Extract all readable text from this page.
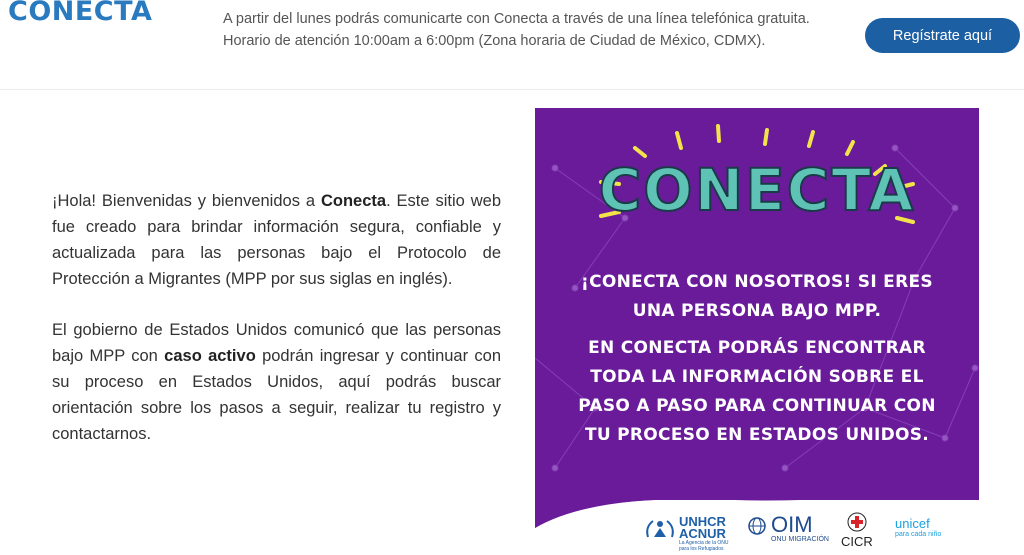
CONECTA	A partir del lunes podrás comunicarte con Conecta a través de una línea telefónica gratuita.
Horario de atención 10:00am a 6:00pm (Zona horaria de Ciudad de México, CDMX).	Regístrate aquí

¡Hola! Bienvenidas y bienvenidos a Conecta. Este sitio web fue creado para brindar información segura, confiable y actualizada para las personas bajo el Protocolo de Protección a Migrantes (MPP por sus siglas en inglés).

El gobierno de Estados Unidos comunicó que las personas bajo MPP con caso activo podrán ingresar y continuar con su proceso en Estados Unidos, aquí podrás buscar orientación sobre los pasos a seguir, realizar tu registro y contactarnos.

CONECTA
¡CONECTA CON NOSOTROS! SI ERES
UNA PERSONA BAJO MPP.
EN CONECTA PODRÁS ENCONTRAR
TODA LA INFORMACIÓN SOBRE EL
PASO A PASO PARA CONTINUAR CON
TU PROCESO EN ESTADOS UNIDOS.
UNHCR
ACNUR
La Agencia de la ONU
para los Refugiados
OIM
ONU MIGRACIÓN CICR
unicef
para cada niño
